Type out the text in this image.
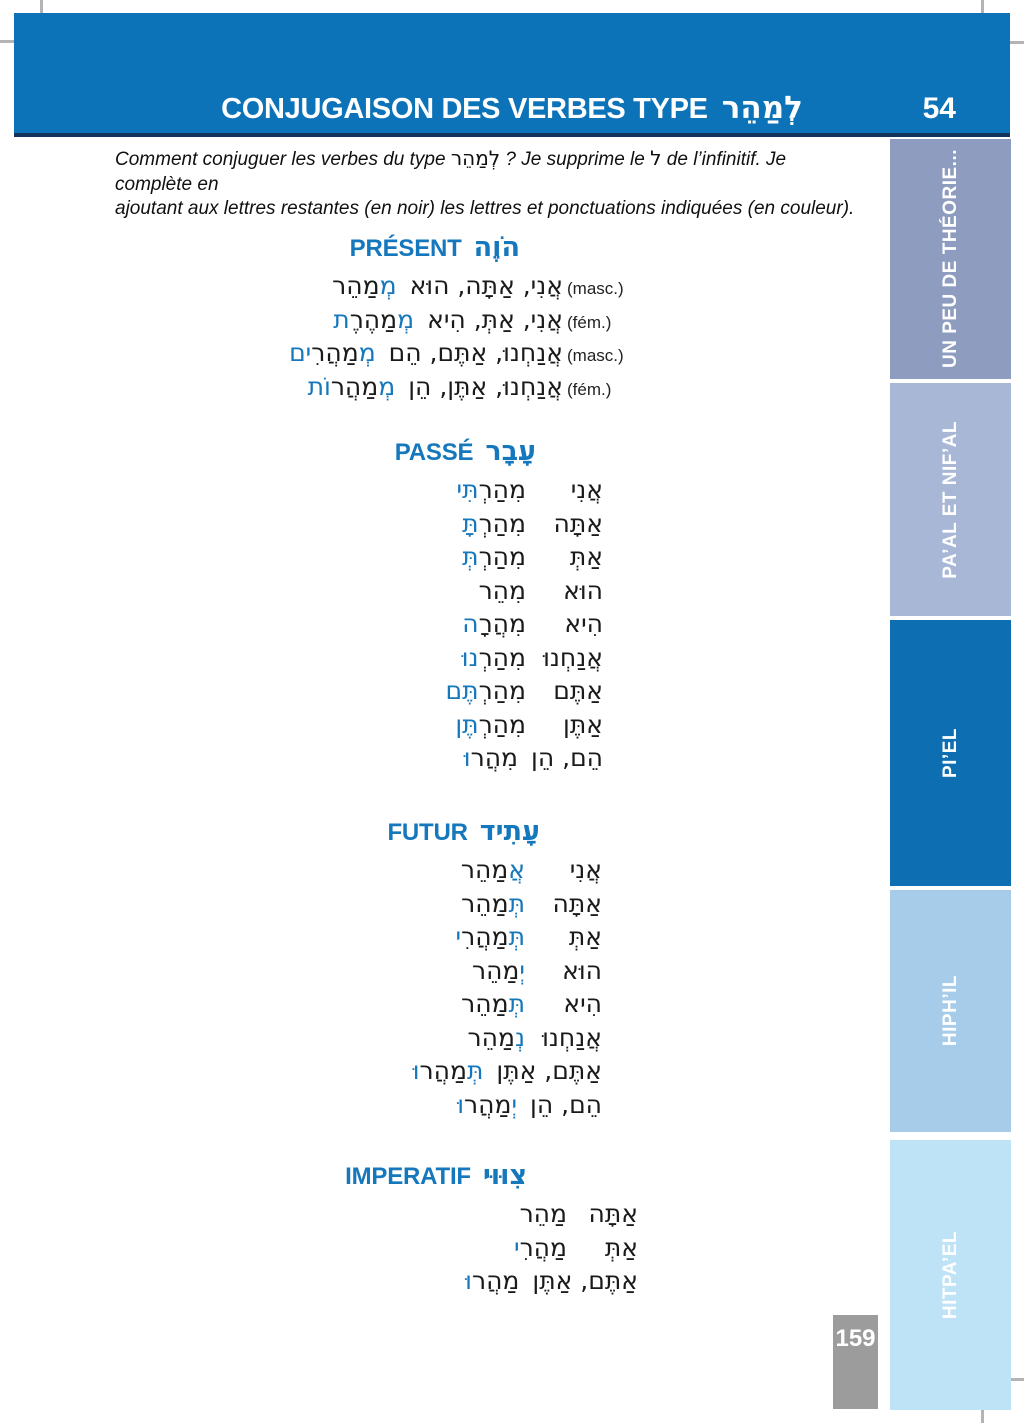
CONJUGAISON DES VERBES TYPE לְמַהֵר	54
Comment conjuguer les verbes du type לְמַהֵר ? Je supprime le ל de l’infinitif. Je complète en
ajoutant aux lettres restantes (en noir) les lettres et ponctuations indiquées (en couleur).
הֹוֶה
PRÉSENT
(masc.)
אֲנִי, אַתָּה, הוּא
מְמַהֵר
(fém.)
אֲנִי, אַתְּ, הִיא
מְמַהֶרֶת
(masc.)
אֲנַחְנוּ, אַתֶּם, הֵם
מְמַהֲרִים
(fém.)
אֲנַחְנוּ, אַתֶּן, הֵן
מְמַהֲרוֹת
עָבָר
PASSÉ
אֲנִי
מִהַרְתִּי
אַתָּה
מִהַרְתָּ
אַתְּ
מִהַרְתְּ
הוּא
מִהֵר
הִיא
מִהֲרָה
אֲנַחְנוּ
מִהַרְנוּ
אַתֶּם
מִהַרְתֶּם
אַתֶּן
מִהַרְתֶּן
הֵם, הֵן
מִהֲרוּ
עָתִיד
FUTUR
אֲנִי
אֲמַהֵר
אַתָּה
תְּמַהֵר
אַתְּ
תְּמַהֲרִי
הוּא
יְמַהֵר
הִיא
תְּמַהֵר
אֲנַחְנוּ
נְמַהֵר
אַתֶּם, אַתֶּן
תְּמַהֲרוּ
הֵם, הֵן
יְמַהֲרוּ
צִוּוּי
IMPERATIF
אַתָּה
מַהֵר
אַתְּ
מַהֲרִי
אַתֶּם, אַתֶּן
מַהֲרוּ
UN PEU DE THÉORIE...
PA’AL ET NIF’AL
PI’EL
HIPH’IL
HITPA’EL
159
